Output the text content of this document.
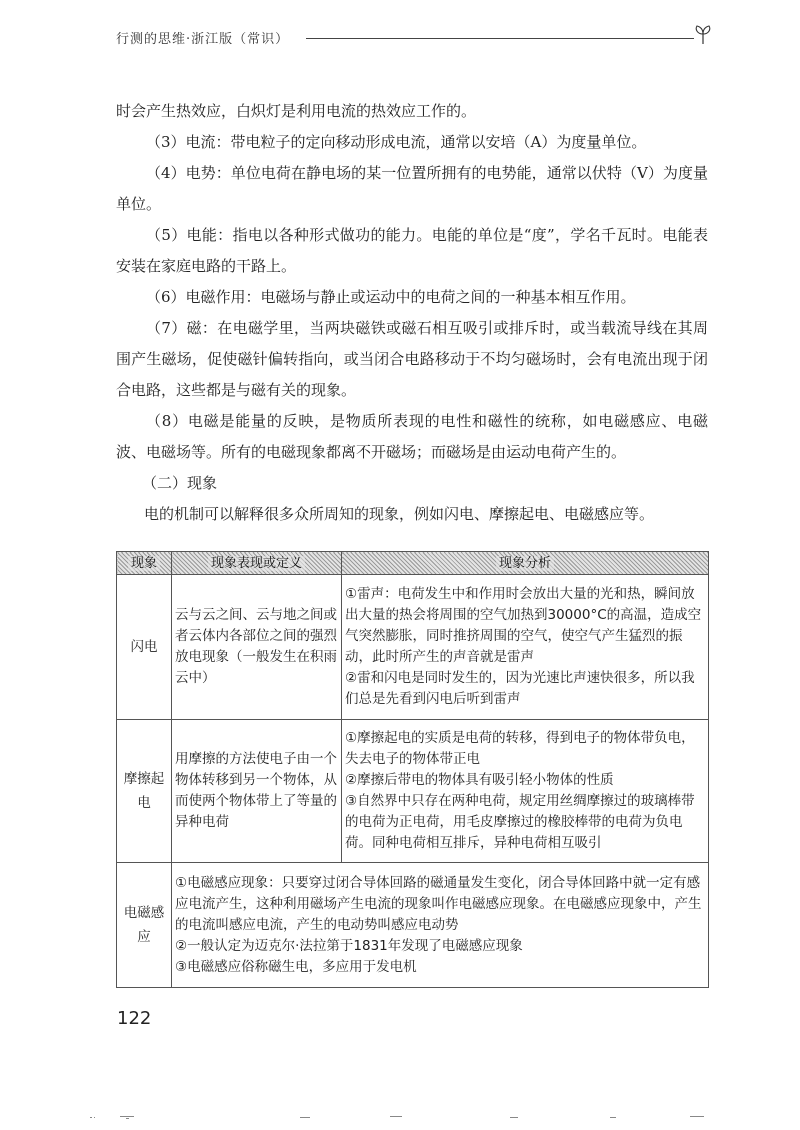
行测的思维·浙江版（常识）

时会产生热效应，白炽灯是利用电流的热效应工作的。

（3）电流：带电粒子的定向移动形成电流，通常以安培（A）为度量单位。

（4）电势：单位电荷在静电场的某一位置所拥有的电势能，通常以伏特（V）为度量单位。

（5）电能：指电以各种形式做功的能力。电能的单位是“度”，学名千瓦时。电能表安装在家庭电路的干路上。

（6）电磁作用：电磁场与静止或运动中的电荷之间的一种基本相互作用。

（7）磁：在电磁学里，当两块磁铁或磁石相互吸引或排斥时，或当载流导线在其周围产生磁场，促使磁针偏转指向，或当闭合电路移动于不均匀磁场时，会有电流出现于闭合电路，这些都是与磁有关的现象。

（8）电磁是能量的反映，是物质所表现的电性和磁性的统称，如电磁感应、电磁波、电磁场等。所有的电磁现象都离不开磁场；而磁场是由运动电荷产生的。

（二）现象

电的机制可以解释很多众所周知的现象，例如闪电、摩擦起电、电磁感应等。

现象	现象表现或定义	现象分析
闪电	云与云之间、云与地之间或者云体内各部位之间的强烈放电现象（一般发生在积雨云中）	①雷声：电荷发生中和作用时会放出大量的光和热，瞬间放出大量的热会将周围的空气加热到30000°C的高温，造成空气突然膨胀，同时推挤周围的空气，使空气产生猛烈的振动，此时所产生的声音就是雷声
②雷和闪电是同时发生的，因为光速比声速快很多，所以我们总是先看到闪电后听到雷声

摩擦起电	用摩擦的方法使电子由一个物体转移到另一个物体，从而使两个物体带上了等量的异种电荷	①摩擦起电的实质是电荷的转移，得到电子的物体带负电，失去电子的物体带正电
②摩擦后带电的物体具有吸引轻小物体的性质
③自然界中只存在两种电荷，规定用丝绸摩擦过的玻璃棒带的电荷为正电荷，用毛皮摩擦过的橡胶棒带的电荷为负电荷。同种电荷相互排斥，异种电荷相互吸引

电磁感应	①电磁感应现象：只要穿过闭合导体回路的磁通量发生变化，闭合导体回路中就一定有感应电流产生，这种利用磁场产生电流的现象叫作电磁感应现象。在电磁感应现象中，产生的电流叫感应电流，产生的电动势叫感应电动势
②一般认定为迈克尔·法拉第于1831年发现了电磁感应现象
③电磁感应俗称磁生电，多应用于发电机	
122
